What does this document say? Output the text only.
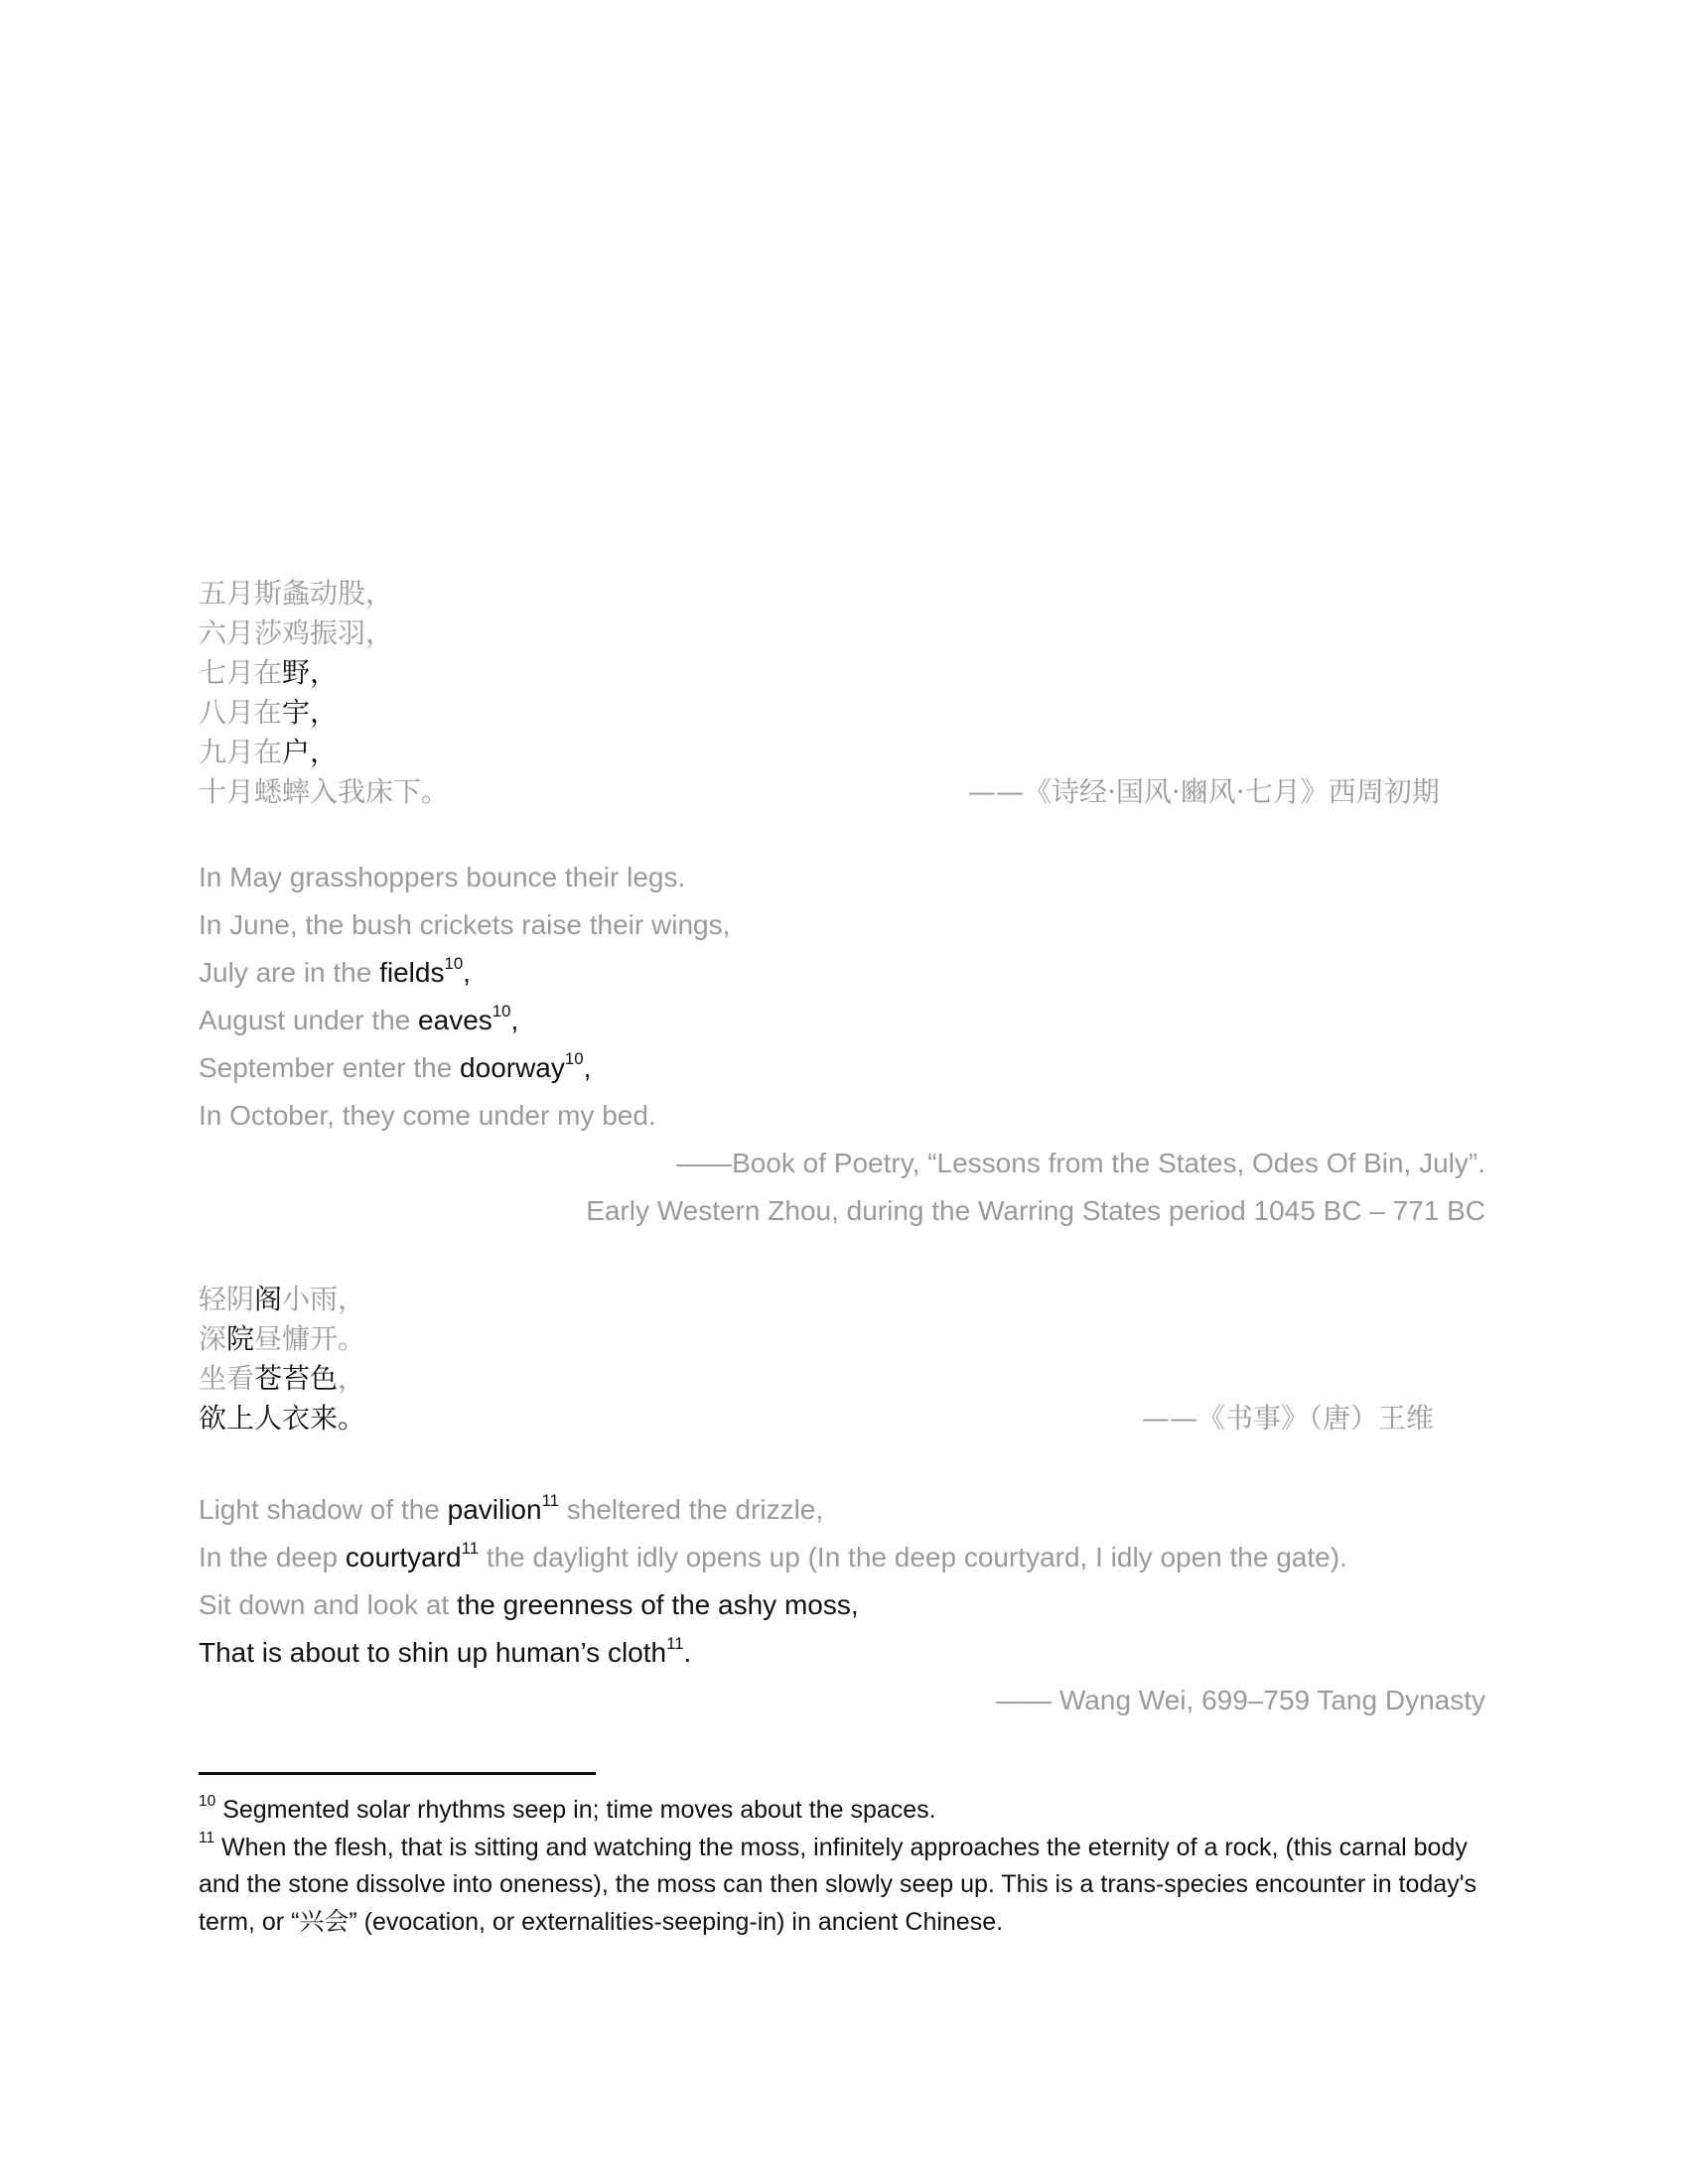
五月斯螽动股，
六月莎鸡振羽，
七月在野，
八月在宇，
九月在户，
十月蟋蟀入我床下。	——《诗经·国风·豳风·七月》西周初期
In May grasshoppers bounce their legs.
In June, the bush crickets raise their wings,
July are in the fields$^{10}$,
August under the eaves$^{10}$,
September enter the doorway$^{10}$,
In October, they come under my bed.
——Book of Poetry, “Lessons from the States, Odes Of Bin, July”.
Early Western Zhou, during the Warring States period 1045 BC – 771 BC
轻阴阁小雨，
深院昼慵开。
坐看苍苔色，
欲上人衣来。	——《书事》（唐）王维
Light shadow of the pavilion$^{11}$ sheltered the drizzle,
In the deep courtyard$^{11}$ the daylight idly opens up (In the deep courtyard, I idly open the gate).
Sit down and look at the greenness of the ashy moss,
That is about to shin up human’s cloth$^{11}$.
—— Wang Wei, 699–759 Tang Dynasty
$^{10}$ Segmented solar rhythms seep in; time moves about the spaces.
$^{11}$ When the flesh, that is sitting and watching the moss, infinitely approaches the eternity of a rock, (this carnal body and the stone dissolve into oneness), the moss can then slowly seep up. This is a trans-species encounter in today's term, or “兴会” (evocation, or externalities-seeping-in) in ancient Chinese.
